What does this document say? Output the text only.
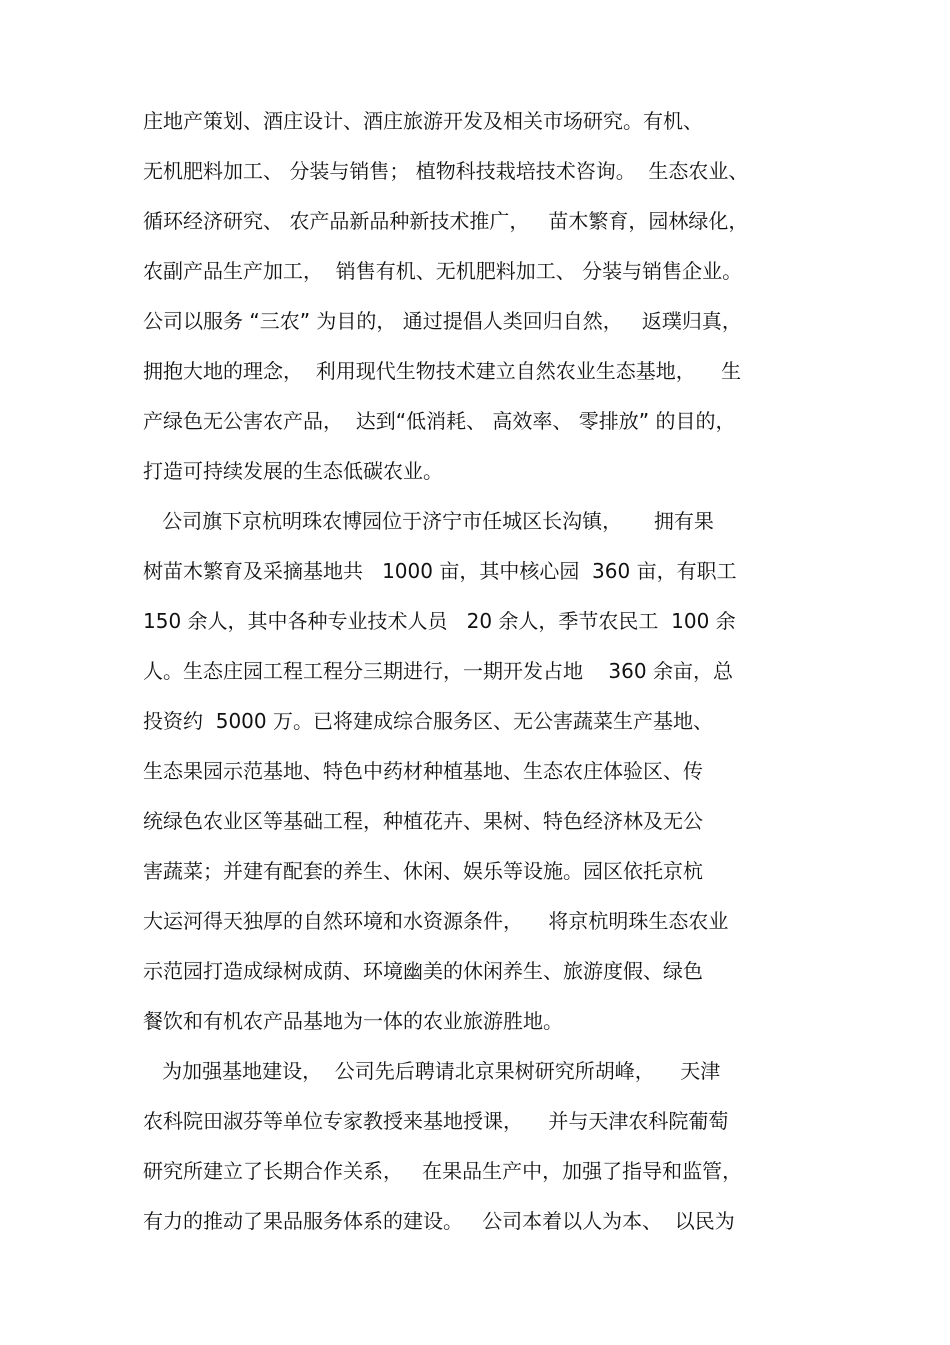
庄地产策划、酒庄设计、酒庄旅游开发及相关市场研究。有机、
无机肥料加工、 分装与销售； 植物科技栽培技术咨询。  生态农业、
循环经济研究、 农产品新品种新技术推广，   苗木繁育，园林绿化，
农副产品生产加工，  销售有机、无机肥料加工、 分装与销售企业。
公司以服务 “三农” 为目的， 通过提倡人类回归自然，   返璞归真，
拥抱大地的理念，  利用现代生物技术建立自然农业生态基地，    生
产绿色无公害农产品，  达到“低消耗、 高效率、 零排放” 的目的，
打造可持续发展的生态低碳农业。
公司旗下京杭明珠农博园位于济宁市任城区长沟镇，     拥有果
树苗木繁育及采摘基地共   1000 亩，其中核心园  360 亩，有职工
150 余人，其中各种专业技术人员   20 余人，季节农民工  100 余
人。生态庄园工程工程分三期进行，一期开发占地    360 余亩，总
投资约  5000 万。已将建成综合服务区、无公害蔬菜生产基地、
生态果园示范基地、特色中药材种植基地、生态农庄体验区、传
统绿色农业区等基础工程，种植花卉、果树、特色经济林及无公
害蔬菜；并建有配套的养生、休闲、娱乐等设施。园区依托京杭
大运河得天独厚的自然环境和水资源条件，    将京杭明珠生态农业
示范园打造成绿树成荫、环境幽美的休闲养生、旅游度假、绿色
餐饮和有机农产品基地为一体的农业旅游胜地。
为加强基地建设，  公司先后聘请北京果树研究所胡峰，    天津
农科院田淑芬等单位专家教授来基地授课，    并与天津农科院葡萄
研究所建立了长期合作关系，   在果品生产中，加强了指导和监管，
有力的推动了果品服务体系的建设。   公司本着以人为本、  以民为
